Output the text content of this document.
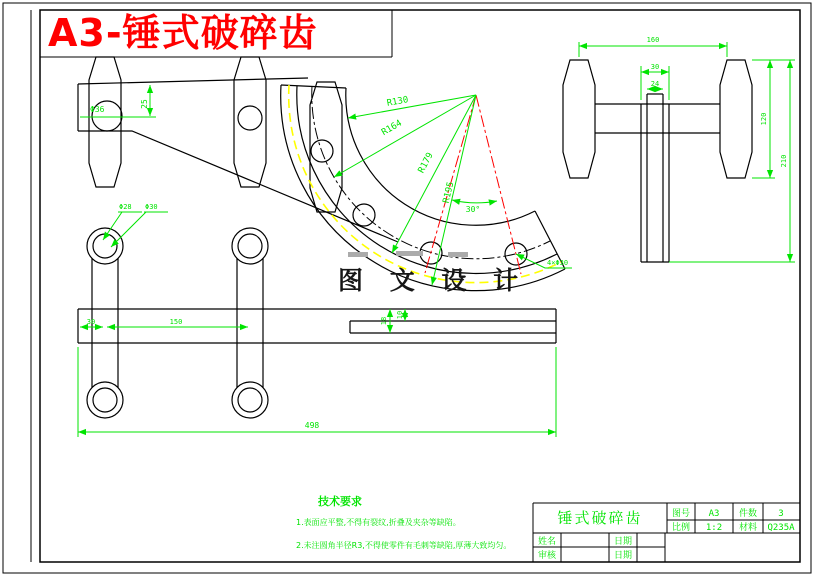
Φ36
25	R130
R164
R179
R195
30°
4×Φ30
30	150
Φ28 Φ30
10
18
498
160
30
24
120
210
锤式破碎齿	图号 A3 件数 3
比例 1:2 材料 Q235A
姓名	日期
审核	日期
A3-锤式破碎齿
图 文 设 计
技术要求
1.表面应平整,不得有裂纹,折叠及夹杂等缺陷。
2.未注圆角半径R3,不得使零件有毛刺等缺陷,厚薄大致均匀。
